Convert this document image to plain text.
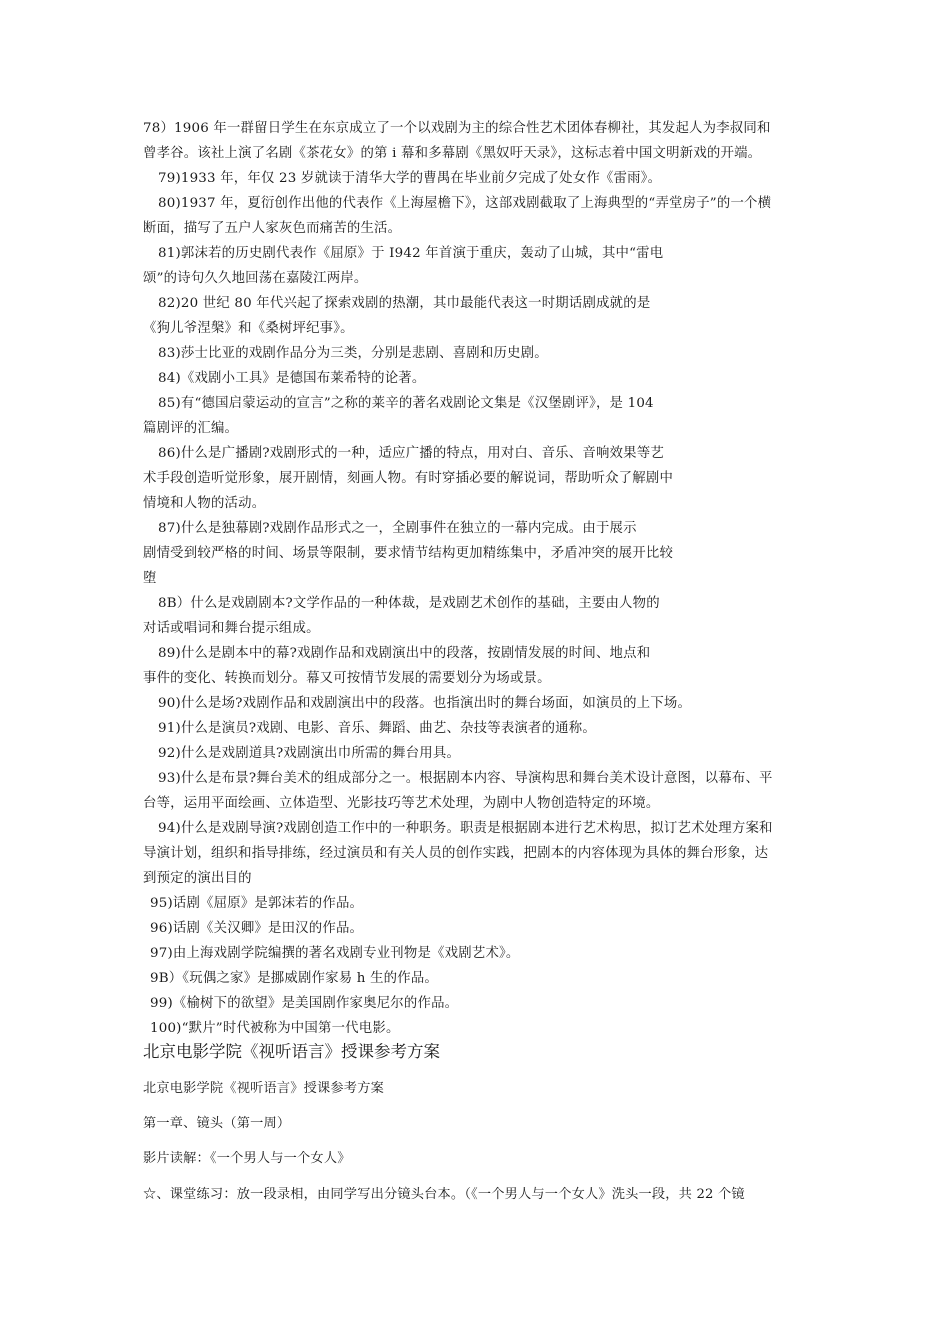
78）1906 年一群留日学生在东京成立了一个以戏剧为主的综合性艺术团体春柳社，其发起人为李叔同和
曾孝谷。该社上演了名剧《茶花女》的第 i 幕和多幕剧《黑奴吁天录》，这标志着中国文明新戏的开端。
79)1933 年，年仅 23 岁就读于清华大学的曹禺在毕业前夕完成了处女作《雷雨》。
80)1937 年，夏衍创作出他的代表作《上海屋檐下》，这部戏剧截取了上海典型的“弄堂房子”的一个横
断面，描写了五户人家灰色而痛苦的生活。
81)郭沫若的历史剧代表作《屈原》于 I942 年首演于重庆，轰动了山城，其中“雷电
颂”的诗句久久地回荡在嘉陵江两岸。
82)20 世纪 80 年代兴起了探索戏剧的热潮，其巾最能代表这一时期话剧成就的是
《狗儿爷涅槃》和《桑树坪纪事》。
83)莎士比亚的戏剧作品分为三类，分别是悲剧、喜剧和历史剧。
84)《戏剧小工具》是德国布莱希特的论著。
85)有“德国启蒙运动的宣言”之称的莱辛的著名戏剧论文集是《汉堡剧评》，是 104
篇剧评的汇编。
86)什么是广播剧?戏剧形式的一种，适应广播的特点，用对白、音乐、音响效果等艺
术手段创造听觉形象，展开剧情，刻画人物。有时穿插必要的解说词，帮助听众了解剧中
情境和人物的活动。
87)什么是独幕剧?戏剧作品形式之一，全剧事件在独立的一幕内完成。由于展示
剧情受到较严格的时间、场景等限制，要求情节结构更加精练集中，矛盾冲突的展开比较
堕
8B）什么是戏剧剧本?文学作品的一种体裁，是戏剧艺术创作的基础，主要由人物的
对话或唱词和舞台提示组成。
89)什么是剧本中的幕?戏剧作品和戏剧演出中的段落，按剧情发展的时间、地点和
事件的变化、转换而划分。幕又可按情节发展的需要划分为场或景。
90)什么是场?戏剧作品和戏剧演出中的段落。也指演出时的舞台场面，如演员的上下场。
91)什么是演员?戏剧、电影、音乐、舞蹈、曲艺、杂技等表演者的通称。
92)什么是戏剧道具?戏剧演出巾所需的舞台用具。
93)什么是布景?舞台美术的组成部分之一。根据剧本内容、导演构思和舞台美术设计意图，以幕布、平
台等，运用平面绘画、立体造型、光影技巧等艺术处理，为剧中人物创造特定的环境。
94)什么是戏剧导演?戏剧创造工作中的一种职务。职责是根据剧本进行艺术构思，拟订艺术处理方案和
导演计划，组织和指导排练，经过演员和有关人员的创作实践，把剧本的内容体现为具体的舞台形象，达
到预定的演出目的
95)话剧《屈原》是郭沫若的作品。
96)话剧《关汉卿》是田汉的作品。
97)由上海戏剧学院编撰的著名戏剧专业刊物是《戏剧艺术》。
9B）《玩偶之家》是挪威剧作家易 h 生的作品。
99)《榆树下的欲望》是美国剧作家奥尼尔的作品。
100)“默片”时代被称为中国第一代电影。
北京电影学院《视听语言》授课参考方案
北京电影学院《视听语言》授课参考方案
第一章、镜头（第一周）
影片读解：《一个男人与一个女人》
☆、课堂练习：放一段录相，由同学写出分镜头台本。（《一个男人与一个女人》洗头一段，共 22 个镜
